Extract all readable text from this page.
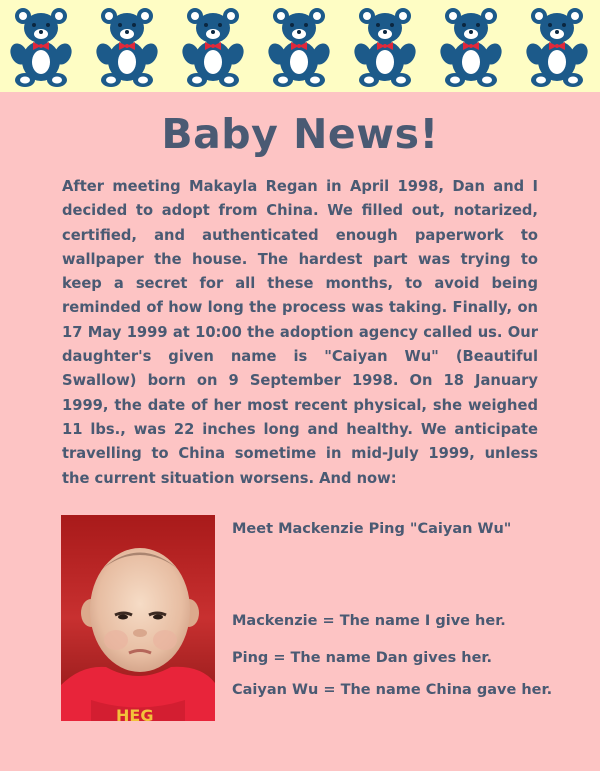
Baby News!
After meeting Makayla Regan in April 1998, Dan and I decided to adopt from China. We filled out, notarized, certified, and authenticated enough paperwork to wallpaper the house. The hardest part was trying to keep a secret for all these months, to avoid being reminded of how long the process was taking. Finally, on 17 May 1999 at 10:00 the adoption agency called us. Our daughter's given name is "Caiyan Wu" (Beautiful Swallow) born on 9 September 1998. On 18 January 1999, the date of her most recent physical, she weighed 11 lbs., was 22 inches long and healthy. We anticipate travelling to China sometime in mid-July 1999, unless the current situation worsens. And now:
HEG
Meet Mackenzie Ping "Caiyan Wu"
Mackenzie = The name I give her.
Ping = The name Dan gives her.
Caiyan Wu = The name China gave her.
